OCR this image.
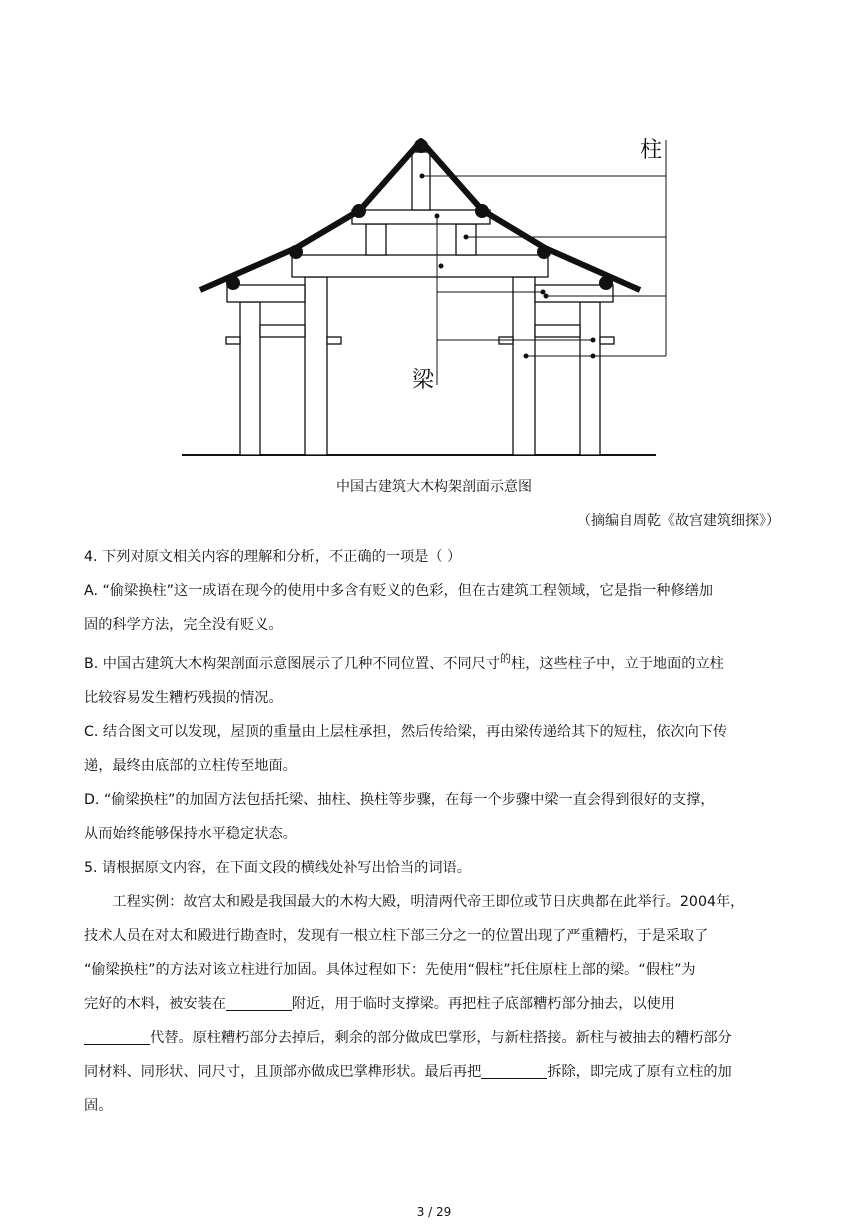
柱
梁
中国古建筑大木构架剖面示意图
（摘编自周乾《故宫建筑细探》）

4. 下列对原文相关内容的理解和分析，不正确的一项是（ ）

A. “偷梁换柱”这一成语在现今的使用中多含有贬义的色彩，但在古建筑工程领域，它是指一种修缮加

固的科学方法，完全没有贬义。

B. 中国古建筑大木构架剖面示意图展示了几种不同位置、不同尺寸$^的$柱，这些柱子中，立于地面的立柱

比较容易发生糟朽残损的情况。

C. 结合图文可以发现，屋顶的重量由上层柱承担，然后传给梁，再由梁传递给其下的短柱，依次向下传

递，最终由底部的立柱传至地面。

D. “偷梁换柱”的加固方法包括托梁、抽柱、换柱等步骤，在每一个步骤中梁一直会得到很好的支撑，

从而始终能够保持水平稳定状态。

5. 请根据原文内容，在下面文段的横线处补写出恰当的词语。

工程实例：故宫太和殿是我国最大的木构大殿，明清两代帝王即位或节日庆典都在此举行。2004年，

技术人员在对太和殿进行勘查时，发现有一根立柱下部三分之一的位置出现了严重糟朽，于是采取了

“偷梁换柱”的方法对该立柱进行加固。具体过程如下：先使用“假柱”托住原柱上部的梁。“假柱”为

完好的木料，被安装在	附近，用于临时支撑梁。再把柱子底部糟朽部分抽去，以使用

代替。原柱糟朽部分去掉后，剩余的部分做成巴掌形，与新柱搭接。新柱与被抽去的糟朽部分

同材料、同形状、同尺寸，且顶部亦做成巴掌榫形状。最后再把	拆除，即完成了原有立柱的加

固。

3 / 29
